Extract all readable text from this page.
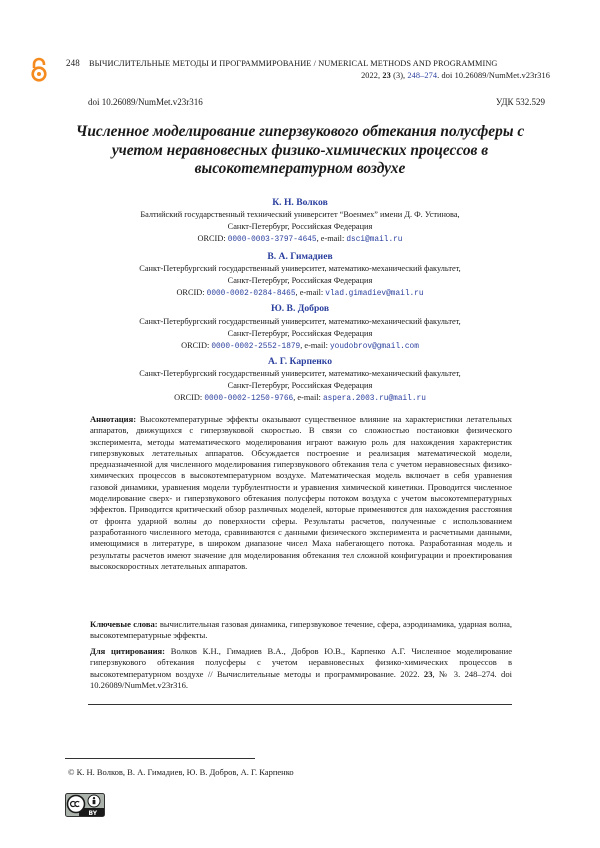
248 ВЫЧИСЛИТЕЛЬНЫЕ МЕТОДЫ И ПРОГРАММИРОВАНИЕ / NUMERICAL METHODS AND PROGRAMMING
2022, 23 (3), 248–274. doi 10.26089/NumMet.v23r316
doi 10.26089/NumMet.v23r316	УДК 532.529
Численное моделирование гиперзвукового обтекания полусферы с учетом неравновесных физико-химических процессов в высокотемпературном воздухе
К. Н. Волков
Балтийский государственный технический университет “Военмех” имени Д. Ф. Устинова,
Санкт-Петербург, Российская Федерация
ORCID: 0000-0003-3797-4645, e-mail: dsci@mail.ru
В. А. Гимадиев
Санкт-Петербургский государственный университет, математико-механический факультет,
Санкт-Петербург, Российская Федерация
ORCID: 0000-0002-0284-8465, e-mail: vlad.gimadiev@mail.ru
Ю. В. Добров
Санкт-Петербургский государственный университет, математико-механический факультет,
Санкт-Петербург, Российская Федерация
ORCID: 0000-0002-2552-1879, e-mail: youdobrov@gmail.com
А. Г. Карпенко
Санкт-Петербургский государственный университет, математико-механический факультет,
Санкт-Петербург, Российская Федерация
ORCID: 0000-0002-1250-9766, e-mail: aspera.2003.ru@mail.ru
Аннотация: Высокотемпературные эффекты оказывают существенное влияние на характеристики летательных аппаратов, движущихся с гиперзвуковой скоростью. В связи со сложностью постановки физического эксперимента, методы математического моделирования играют важную роль для нахождения характеристик гиперзвуковых летательных аппаратов. Обсуждается построение и реализация математической модели, предназначенной для численного моделирования гиперзвукового обтекания тела с учетом неравновесных физико-химических процессов в высокотемпературном воздухе. Математическая модель включает в себя уравнения газовой динамики, уравнения модели турбулентности и уравнения химической кинетики. Проводится численное моделирование сверх- и гиперзвукового обтекания полусферы потоком воздуха с учетом высокотемпературных эффектов. Приводится критический обзор различных моделей, которые применяются для нахождения расстояния от фронта ударной волны до поверхности сферы. Результаты расчетов, полученные с использованием разработанного численного метода, сравниваются с данными физического эксперимента и расчетными данными, имеющимися в литературе, в широком диапазоне чисел Маха набегающего потока. Разработанная модель и результаты расчетов имеют значение для моделирования обтекания тел сложной конфигурации и проектирования высокоскоростных летательных аппаратов.
Ключевые слова: вычислительная газовая динамика, гиперзвуковое течение, сфера, аэродинамика, ударная волна, высокотемпературные эффекты.
Для цитирования: Волков К.Н., Гимадиев В.А., Добров Ю.В., Карпенко А.Г. Численное моделирование гиперзвукового обтекания полусферы с учетом неравновесных физико-химических процессов в высокотемпературном воздухе // Вычислительные методы и программирование. 2022. 23, № 3. 248–274. doi 10.26089/NumMet.v23r316.
© К. Н. Волков, В. А. Гимадиев, Ю. В. Добров, А. Г. Карпенко
BY
